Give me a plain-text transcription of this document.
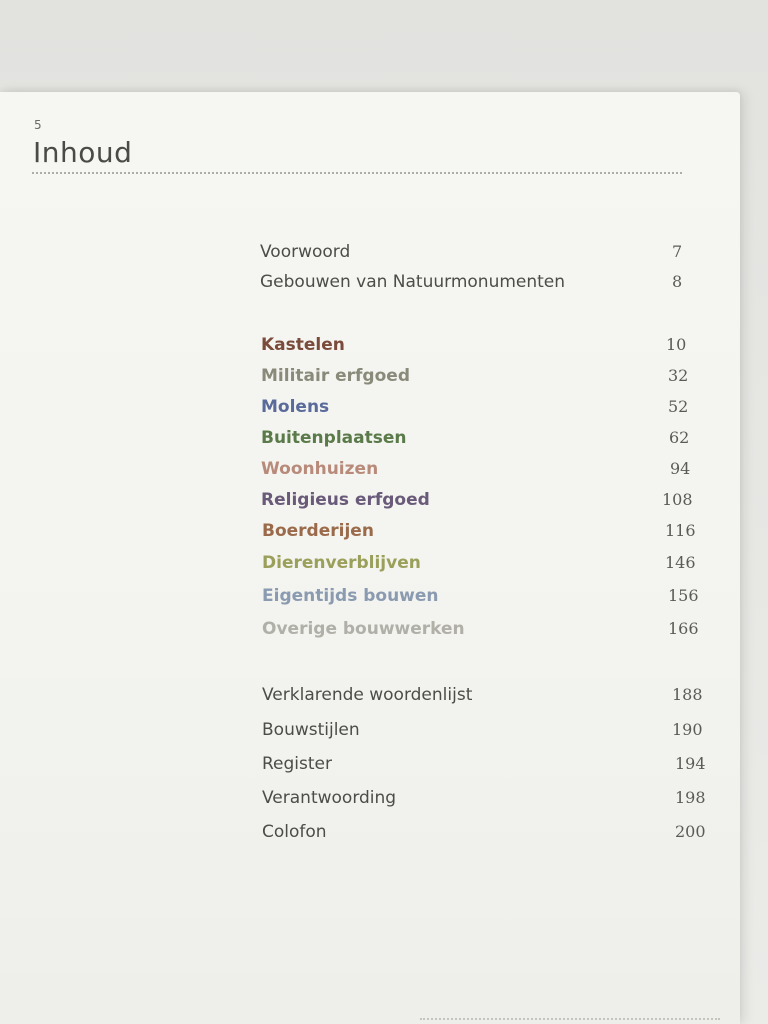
5
Inhoud
Voorwoord	7
Gebouwen van Natuurmonumenten	8
Kastelen	10
Militair erfgoed	32
Molens	52
Buitenplaatsen	62
Woonhuizen	94
Religieus erfgoed	108
Boerderijen	116
Dierenverblijven	146
Eigentijds bouwen	156
Overige bouwwerken	166
Verklarende woordenlijst	188
Bouwstijlen	190
Register	194
Verantwoording	198
Colofon	200
